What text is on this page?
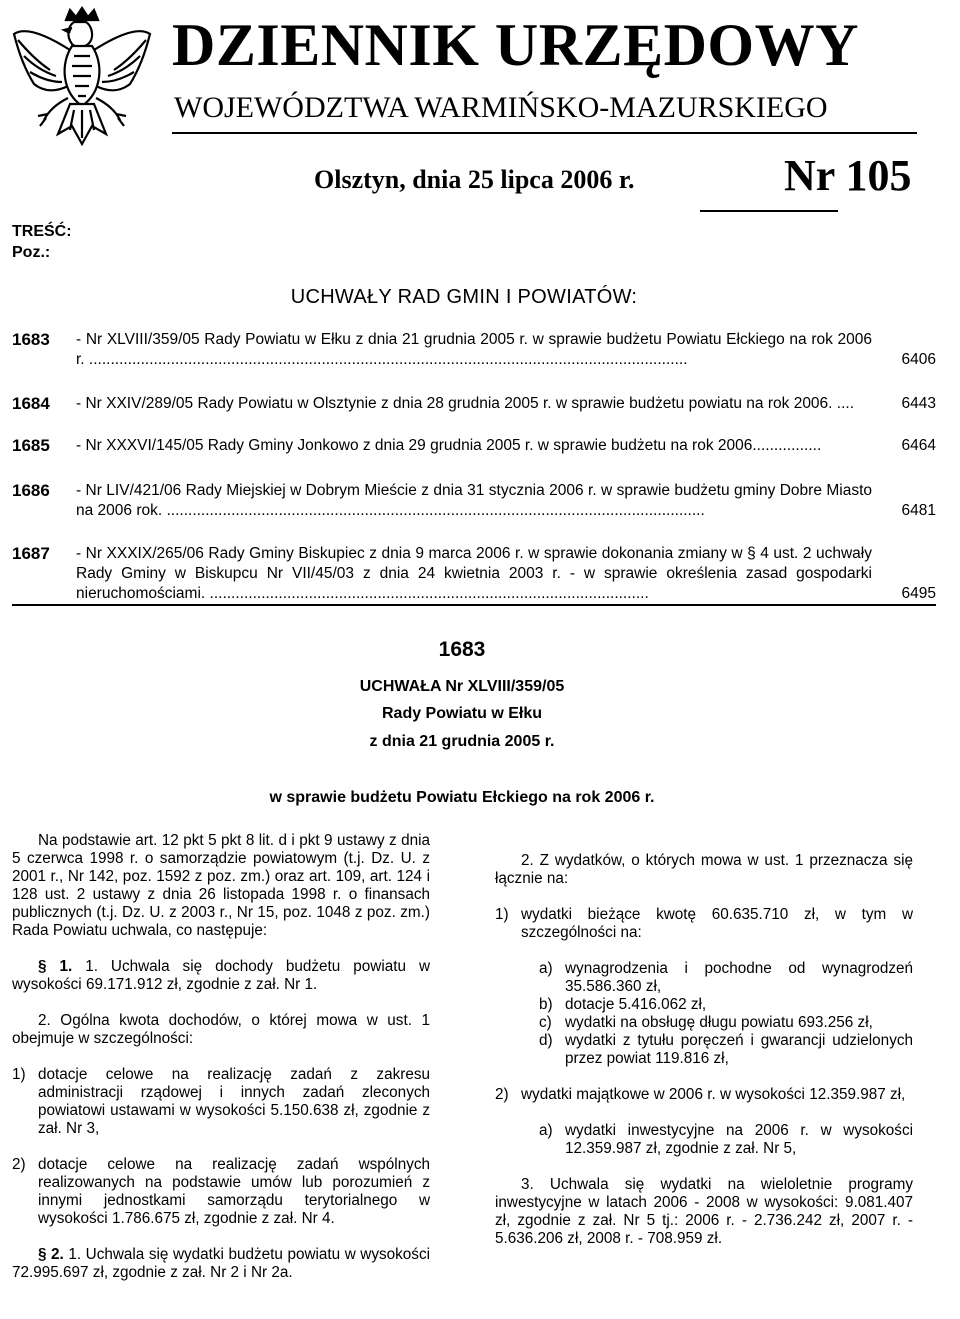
DZIENNIK URZĘDOWY
WOJEWÓDZTWA WARMIŃSKO-MAZURSKIEGO
Olsztyn, dnia 25 lipca 2006 r.	Nr 105
TREŚĆ:
Poz.:
UCHWAŁY RAD GMIN I POWIATÓW:
1683 - Nr XLVIII/359/05 Rady Powiatu w Ełku z dnia 21 grudnia 2005 r. w sprawie budżetu Powiatu Ełckiego na rok 2006 r. ...........................................................................................................................................	6406
1684 - Nr XXIV/289/05 Rady Powiatu w Olsztynie z dnia 28 grudnia 2005 r. w sprawie budżetu powiatu na rok 2006. ....	6443
1685 - Nr XXXVI/145/05 Rady Gminy Jonkowo z dnia 29 grudnia 2005 r. w sprawie budżetu na rok 2006................	6464
1686 - Nr LIV/421/06 Rady Miejskiej w Dobrym Mieście z dnia 31 stycznia 2006 r. w sprawie budżetu gminy Dobre Miasto na 2006 rok. .............................................................................................................................	6481
1687 - Nr XXXIX/265/06 Rady Gminy Biskupiec z dnia 9 marca 2006 r. w sprawie dokonania zmiany w § 4 ust. 2 uchwały Rady Gminy w Biskupcu Nr VII/45/03 z dnia 24 kwietnia 2003 r. - w sprawie określenia zasad gospodarki nieruchomościami. ......................................................................................................	6495
1683
UCHWAŁA Nr XLVIII/359/05
Rady Powiatu w Ełku
z dnia 21 grudnia 2005 r.
w sprawie budżetu Powiatu Ełckiego na rok 2006 r.

Na podstawie art. 12 pkt 5 pkt 8 lit. d i pkt 9 ustawy z dnia 5 czerwca 1998 r. o samorządzie powiatowym (t.j. Dz. U. z 2001 r., Nr 142, poz. 1592 z poz. zm.) oraz art. 109, art. 124 i 128 ust. 2 ustawy z dnia 26 listopada 1998 r. o finansach publicznych (t.j. Dz. U. z 2003 r., Nr 15, poz. 1048 z poz. zm.) Rada Powiatu uchwala, co następuje:

§ 1. 1. Uchwala się dochody budżetu powiatu w wysokości 69.171.912 zł, zgodnie z zał. Nr 1.

2. Ogólna kwota dochodów, o której mowa w ust. 1 obejmuje w szczególności:

1) dotacje celowe na realizację zadań z zakresu administracji rządowej i innych zadań zleconych powiatowi ustawami w wysokości 5.150.638 zł, zgodnie z zał. Nr 3,

2) dotacje celowe na realizację zadań wspólnych realizowanych na podstawie umów lub porozumień z innymi jednostkami samorządu terytorialnego w wysokości 1.786.675 zł, zgodnie z zał. Nr 4.

§ 2. 1. Uchwala się wydatki budżetu powiatu w wysokości 72.995.697 zł, zgodnie z zał. Nr 2 i Nr 2a.

2. Z wydatków, o których mowa w ust. 1 przeznacza się łącznie na:

1) wydatki bieżące kwotę 60.635.710 zł, w tym w szczególności na:

a) wynagrodzenia i pochodne od wynagrodzeń 35.586.360 zł,

b) dotacje 5.416.062 zł,

c) wydatki na obsługę długu powiatu 693.256 zł,

d) wydatki z tytułu poręczeń i gwarancji udzielonych przez powiat 119.816 zł,

2) wydatki majątkowe w 2006 r. w wysokości 12.359.987 zł,

a) wydatki inwestycyjne na 2006 r. w wysokości 12.359.987 zł, zgodnie z zał. Nr 5,

3. Uchwala się wydatki na wieloletnie programy inwestycyjne w latach 2006 - 2008 w wysokości: 9.081.407 zł, zgodnie z zał. Nr 5 tj.: 2006 r. - 2.736.242 zł, 2007 r. - 5.636.206 zł, 2008 r. - 708.959 zł.
